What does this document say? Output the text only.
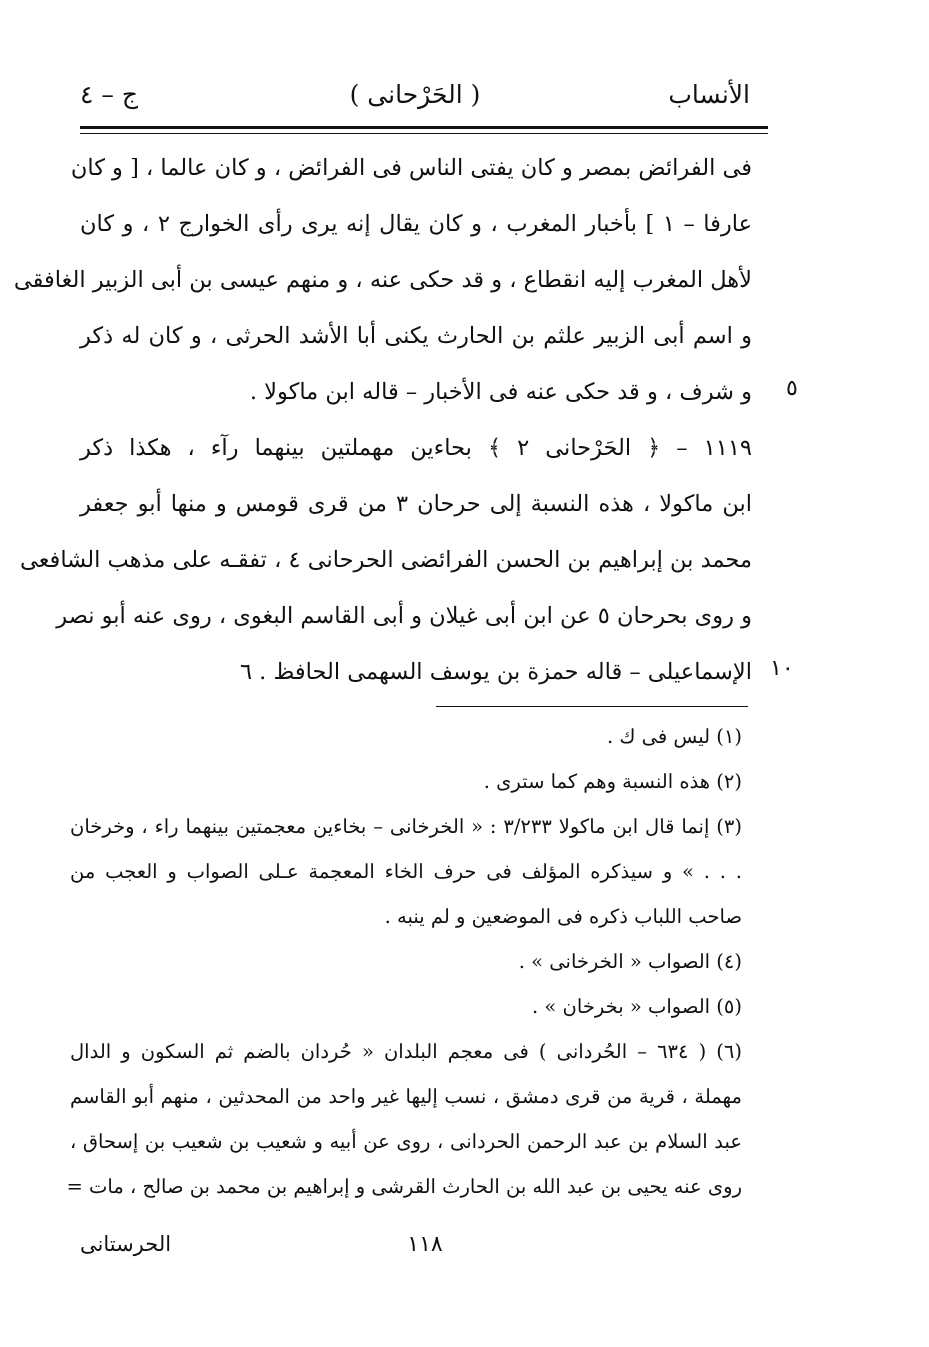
الأنساب
( الحَرْحانى )
ج – ٤
فى الفرائض بمصر و كان يفتى الناس فى الفرائض ، و كان عالما ، [ و كان
عارفا – ١ ] بأخبار المغرب ، و كان يقال إنه يرى رأى الخوارج ٢ ، و كان
لأهل المغرب إليه انقطاع ، و قد حكى عنه ، و منهم عيسى بن أبى الزبير الغافقى
و اسم أبى الزبير علثم بن الحارث يكنى أبا الأشد الحرثى ، و كان له ذكر
و شرف ، و قد حكى عنه فى الأخبار – قاله ابن ماكولا .
١١١٩ – ﴿ الحَرْحانى ٢ ﴾ بحاءين مهملتين بينهما رآء ، هكذا ذكر
ابن ماكولا ، هذه النسبة إلى حرحان ٣ من قرى قومس و منها أبو جعفر
محمد بن إبراهيم بن الحسن الفرائضى الحرحانى ٤ ، تفقـه على مذهب الشافعى
و روى بحرحان ٥ عن ابن أبى غيلان و أبى القاسم البغوى ، روى عنه أبو نصر
الإسماعيلى – قاله حمزة بن يوسف السهمى الحافظ . ٦
٥
١٠
(١) ليس فى ك .
(٢) هذه النسبة وهم كما سترى .
(٣) إنما قال ابن ماكولا ٣/٢٣٣ : « الخرخانى – بخاءين معجمتين بينهما راء ، وخرخان
. . . » و سيذكره المؤلف فى حرف الخاء المعجمة عـلى الصواب و العجب من
صاحب اللباب ذكره فى الموضعين و لم ينبه .
(٤) الصواب « الخرخانى » .
(٥) الصواب « بخرخان » .
(٦) ( ٦٣٤ – الحُردانى ) فى معجم البلدان « حُردان بالضم ثم السكون و الدال
مهملة ، قرية من قرى دمشق ، نسب إليها غير واحد من المحدثين ، منهم أبو القاسم
عبد السلام بن عبد الرحمن الحردانى ، روى عن أبيه و شعيب بن شعيب بن إسحاق ،
روى عنه يحيى بن عبد الله بن الحارث القرشى و إبراهيم بن محمد بن صالح ، مات =
١١٨
الحرستانى
